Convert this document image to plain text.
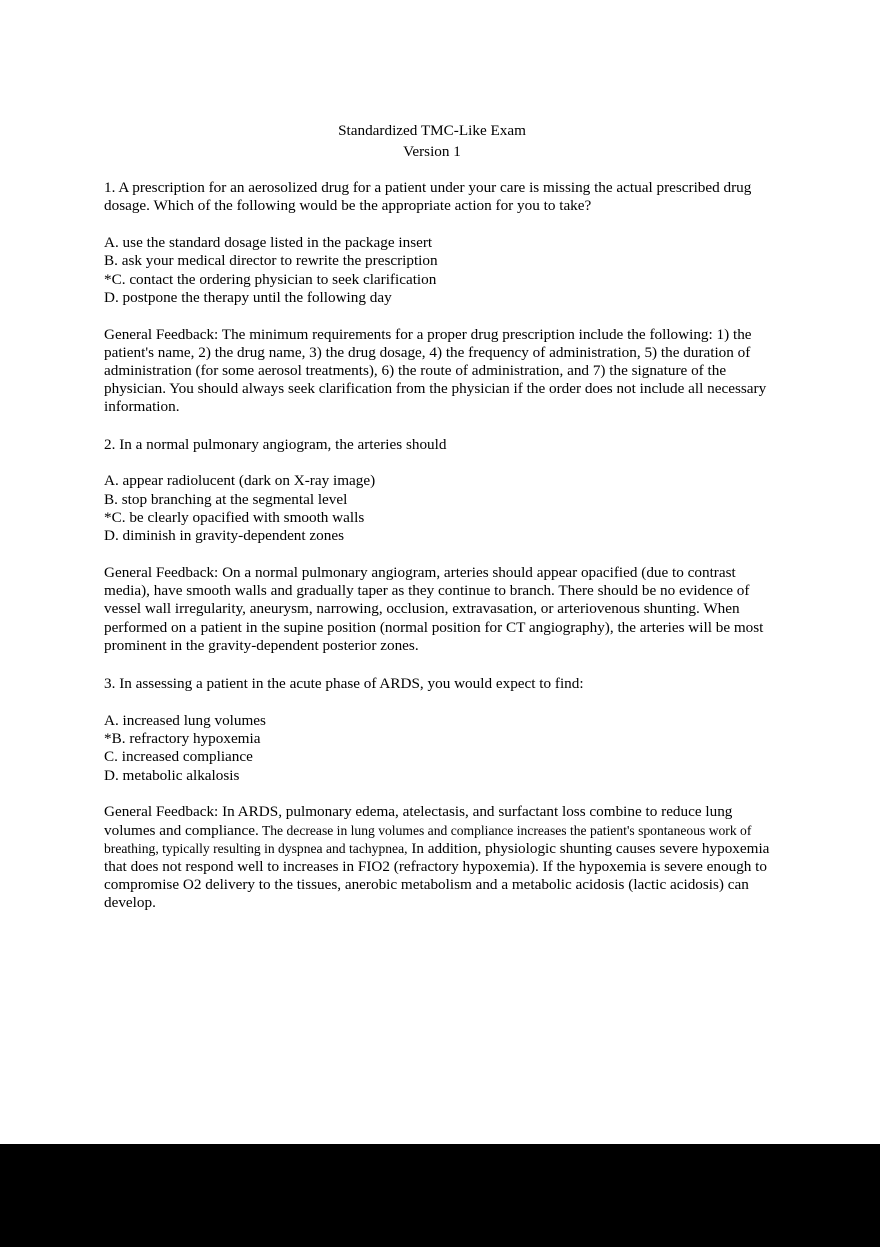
Standardized TMC-Like Exam
Version 1

1. A prescription for an aerosolized drug for a patient under your care is missing the actual prescribed drug dosage. Which of the following would be the appropriate action for you to take?

A. use the standard dosage listed in the package insert
B. ask your medical director to rewrite the prescription
*C. contact the ordering physician to seek clarification
D. postpone the therapy until the following day

General Feedback: The minimum requirements for a proper drug prescription include the following: 1) the patient's name, 2) the drug name, 3) the drug dosage, 4) the frequency of administration, 5) the duration of administration (for some aerosol treatments), 6) the route of administration, and 7) the signature of the physician. You should always seek clarification from the physician if the order does not include all necessary information.

2. In a normal pulmonary angiogram, the arteries should

A. appear radiolucent (dark on X-ray image)
B. stop branching at the segmental level
*C. be clearly opacified with smooth walls
D. diminish in gravity-dependent zones

General Feedback: On a normal pulmonary angiogram, arteries should appear opacified (due to contrast media), have smooth walls and gradually taper as they continue to branch. There should be no evidence of vessel wall irregularity, aneurysm, narrowing, occlusion, extravasation, or arteriovenous shunting. When performed on a patient in the supine position (normal position for CT angiography), the arteries will be most prominent in the gravity-dependent posterior zones.

3. In assessing a patient in the acute phase of ARDS, you would expect to find:

A. increased lung volumes
*B. refractory hypoxemia
C. increased compliance
D. metabolic alkalosis

General Feedback: In ARDS, pulmonary edema, atelectasis, and surfactant loss combine to reduce lung volumes and compliance. The decrease in lung volumes and compliance increases the patient's spontaneous work of breathing, typically resulting in dyspnea and tachypnea, In addition, physiologic shunting causes severe hypoxemia that does not respond well to increases in FIO2 (refractory hypoxemia). If the hypoxemia is severe enough to compromise O2 delivery to the tissues, anerobic metabolism and a metabolic acidosis (lactic acidosis) can develop.
